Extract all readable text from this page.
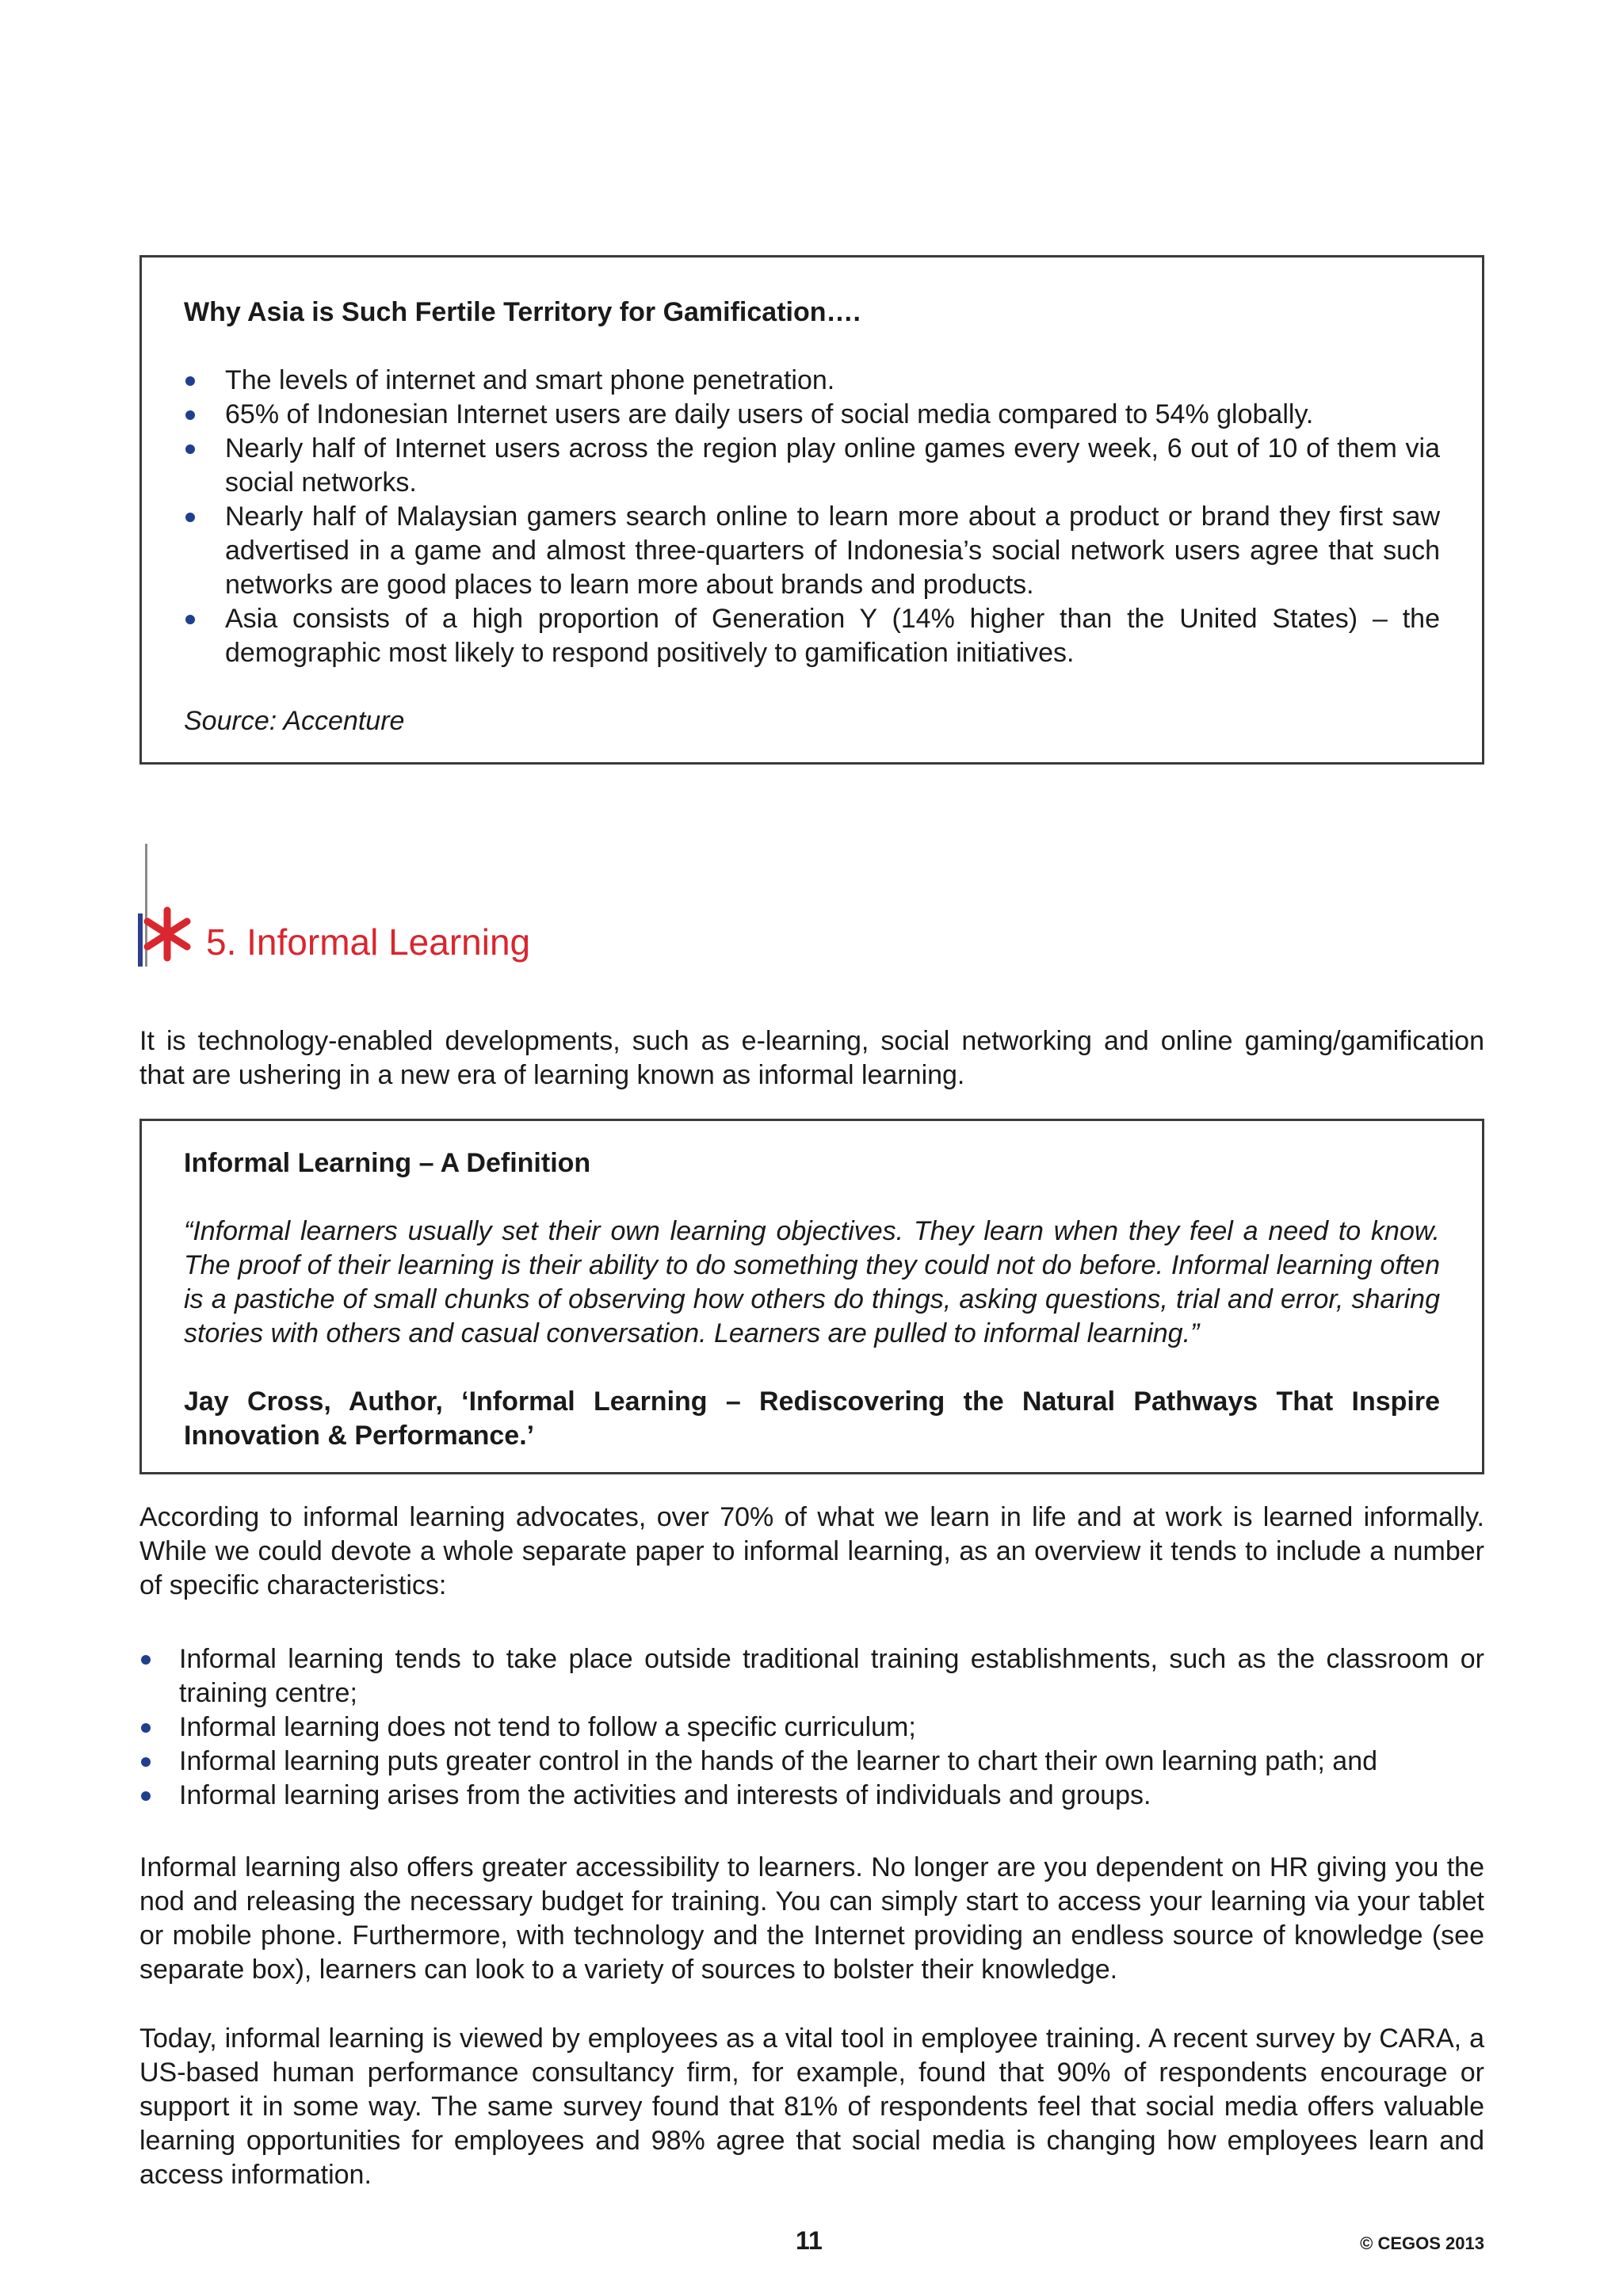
Why Asia is Such Fertile Territory for Gamification….

The levels of internet and smart phone penetration.
65% of Indonesian Internet users are daily users of social media compared to 54% globally.
Nearly half of Internet users across the region play online games every week, 6 out of 10 of them via social networks.
Nearly half of Malaysian gamers search online to learn more about a product or brand they first saw advertised in a game and almost three-quarters of Indonesia’s social network users agree that such networks are good places to learn more about brands and products.
Asia consists of a high proportion of Generation Y (14% higher than the United States) – the demographic most likely to respond positively to gamification initiatives.

Source: Accenture

5. Informal Learning

It is technology-enabled developments, such as e-learning, social networking and online gaming/gamification that are ushering in a new era of learning known as informal learning.

Informal Learning – A Definition

“Informal learners usually set their own learning objectives. They learn when they feel a need to know. The proof of their learning is their ability to do something they could not do before. Informal learning often is a pastiche of small chunks of observing how others do things, asking questions, trial and error, sharing stories with others and casual conversation. Learners are pulled to informal learning.”

Jay Cross, Author, ‘Informal Learning – Rediscovering the Natural Pathways That Inspire Innovation & Performance.’

According to informal learning advocates, over 70% of what we learn in life and at work is learned informally. While we could devote a whole separate paper to informal learning, as an overview it tends to include a number of specific characteristics:

Informal learning tends to take place outside traditional training establishments, such as the classroom or training centre;
Informal learning does not tend to follow a specific curriculum;
Informal learning puts greater control in the hands of the learner to chart their own learning path; and
Informal learning arises from the activities and interests of individuals and groups.

Informal learning also offers greater accessibility to learners. No longer are you dependent on HR giving you the nod and releasing the necessary budget for training. You can simply start to access your learning via your tablet or mobile phone. Furthermore, with technology and the Internet providing an endless source of knowledge (see separate box), learners can look to a variety of sources to bolster their knowledge.

Today, informal learning is viewed by employees as a vital tool in employee training. A recent survey by CARA, a US-based human performance consultancy firm, for example, found that 90% of respondents encourage or support it in some way. The same survey found that 81% of respondents feel that social media offers valuable learning opportunities for employees and 98% agree that social media is changing how employees learn and access information.

11	© CEGOS 2013
